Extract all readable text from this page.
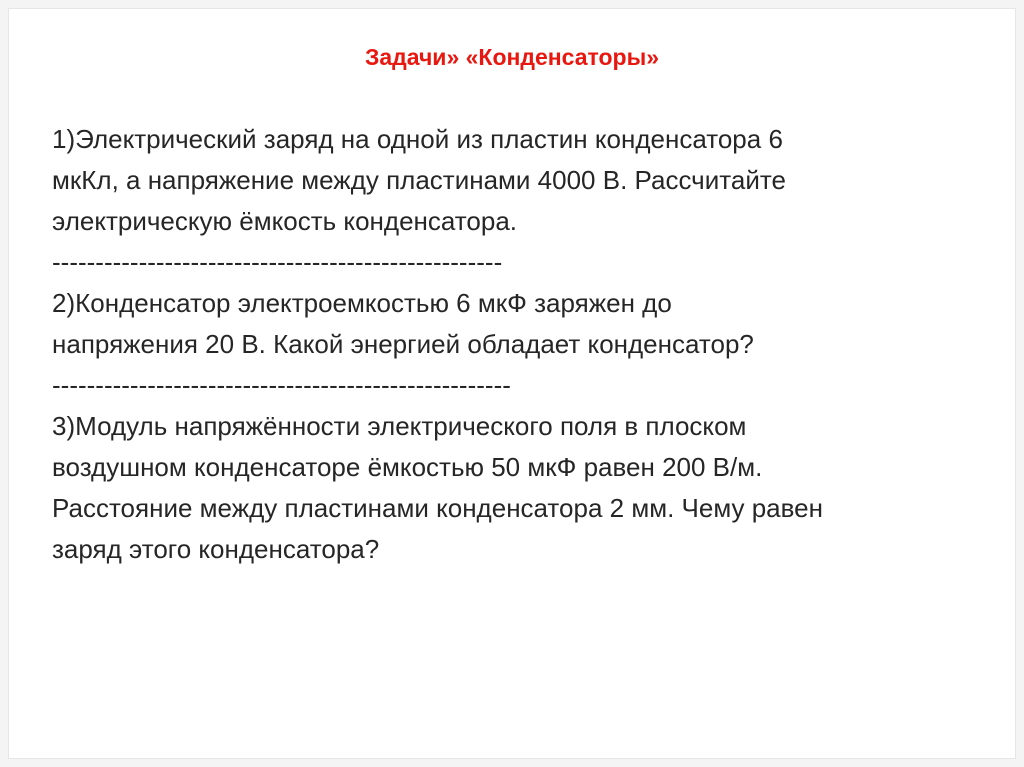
Задачи» «Конденсаторы»
1)Электрический заряд на одной из пластин конденсатора 6
мкКл, а напряжение между пластинами 4000 В. Рассчитайте
электрическую ёмкость конденсатора.
----------------------------------------------------
2)Конденсатор электроемкостью 6 мкФ заряжен до
напряжения 20 В. Какой энергией обладает конденсатор?
-----------------------------------------------------
3)Модуль напряжённости электрического поля в плоском
воздушном конденсаторе ёмкостью 50 мкФ равен 200 В/м.
Расстояние между пластинами конденсатора 2 мм. Чему равен
заряд этого конденсатора?
